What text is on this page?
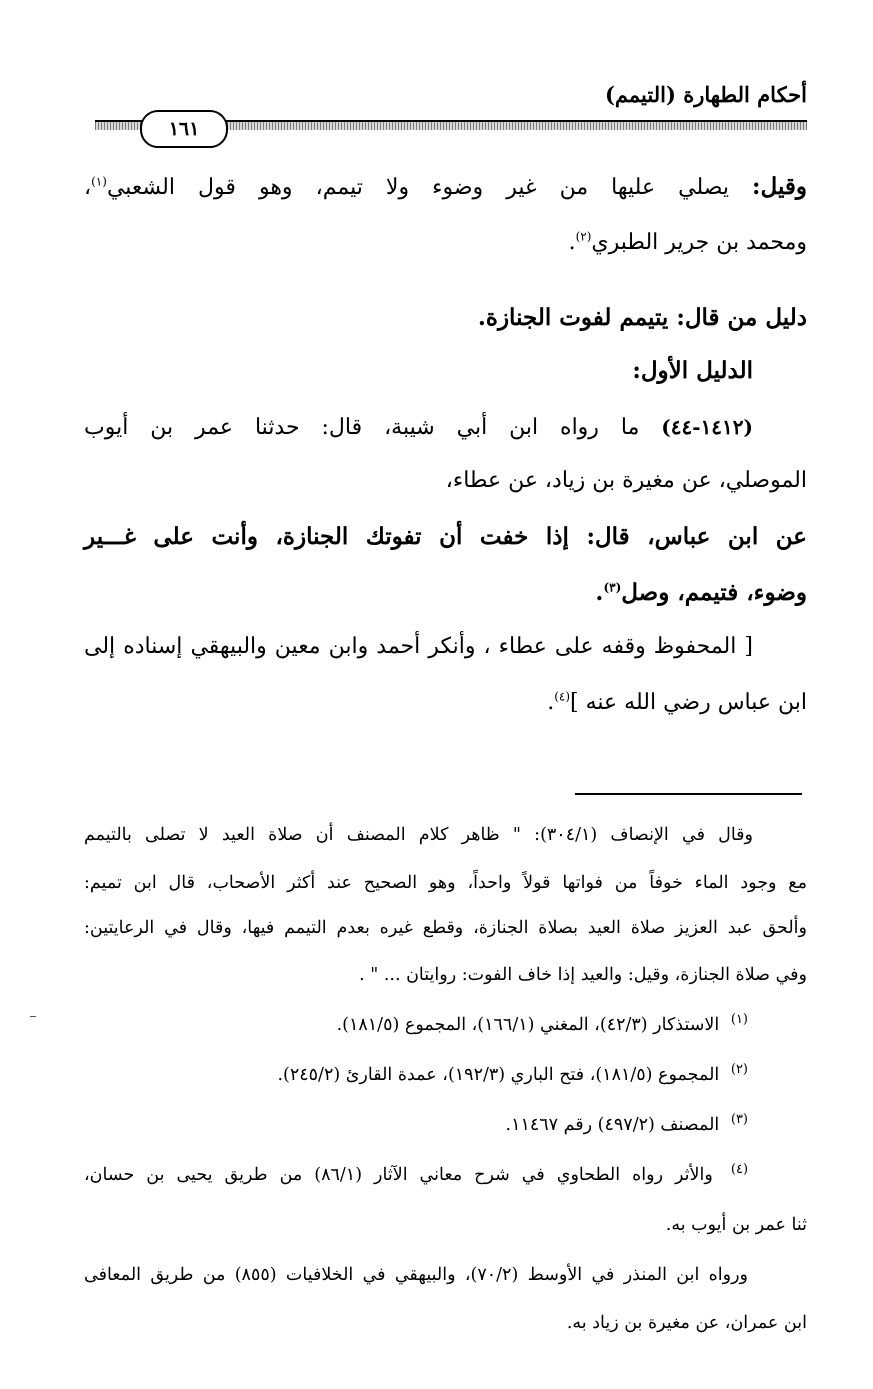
أحكام الطهارة (التيمم)
١٦١
وقيل: يصلي عليها من غير وضوء ولا تيمم، وهو قول الشعبي$^{(١)}$،
ومحمد بن جرير الطبري$^{(٢)}$.
دليل من قال: يتيمم لفوت الجنازة.
الدليل الأول:
(١٤١٢-٤٤) ما رواه ابن أبي شيبة، قال: حدثنا عمر بن أيوب
الموصلي، عن مغيرة بن زياد، عن عطاء،
عن ابن عباس، قال: إذا خفت أن تفوتك الجنازة، وأنت على غـــير
وضوء، فتيمم، وصل$^{(٣)}$.
[ المحفوظ وقفه على عطاء ، وأنكر أحمد وابن معين والبيهقي إسناده إلى
ابن عباس رضي الله عنه ]$^{(٤)}$.
وقال في الإنصاف (٣٠٤/١): " ظاهر كلام المصنف أن صلاة العيد لا تصلى بالتيمم
مع وجود الماء خوفاً من فواتها قولاً واحداً، وهو الصحيح عند أكثر الأصحاب، قال ابن تميم:
وألحق عبد العزيز صلاة العيد بصلاة الجنازة، وقطع غيره بعدم التيمم فيها، وقال في الرعايتين:
وفي صلاة الجنازة، وقيل: والعيد إذا خاف الفوت: روايتان ... " .
$^{(١)}$ الاستذكار (٤٢/٣)، المغني (١٦٦/١)، المجموع (١٨١/٥).
$^{(٢)}$ المجموع (١٨١/٥)، فتح الباري (١٩٢/٣)، عمدة القارئ (٢٤٥/٢).
$^{(٣)}$ المصنف (٤٩٧/٢) رقم ١١٤٦٧.
$^{(٤)}$ والأثر رواه الطحاوي في شرح معاني الآثار (٨٦/١) من طريق يحيى بن حسان،
ثنا عمر بن أيوب به.
ورواه ابن المنذر في الأوسط (٧٠/٢)، والبيهقي في الخلافيات (٨٥٥) من طريق المعافى
ابن عمران، عن مغيرة بن زياد به.
